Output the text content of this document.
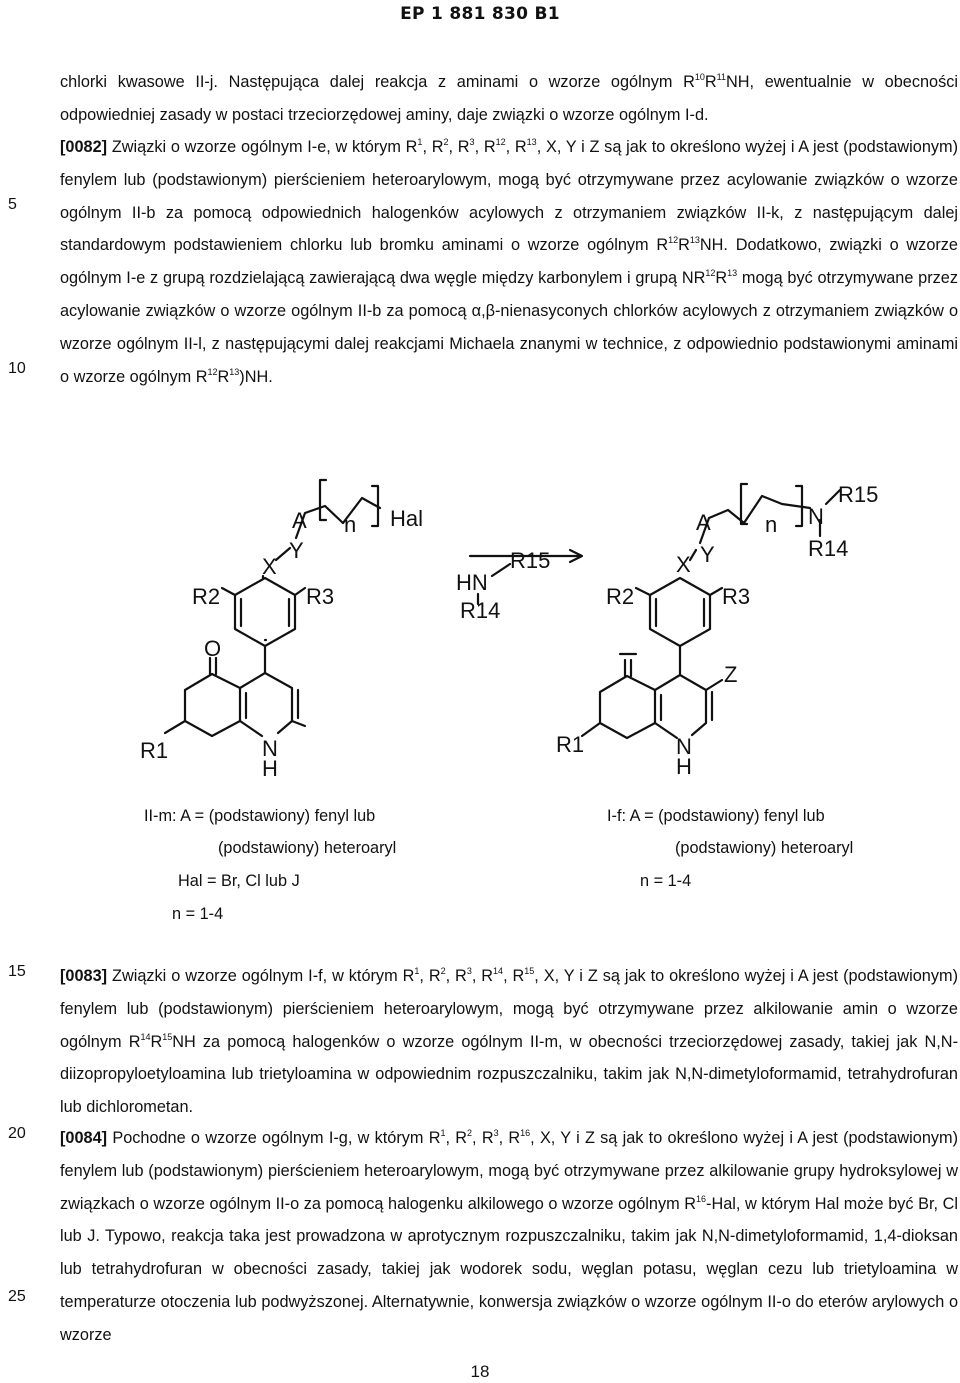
EP 1 881 830 B1
5
10
15
20
25

chlorki kwasowe II-j. Następująca dalej reakcja z aminami o wzorze ogólnym $R^{10}R^{11}NH$, ewentualnie w obecności odpowiedniej zasady w postaci trzeciorzędowej aminy, daje związki o wzorze ogólnym I-d.

[0082] Związki o wzorze ogólnym I-e, w którym $R^1$, $R^2$, $R^3$, $R^{12}$, $R^{13}$, X, Y i Z są jak to określono wyżej i A jest (podstawionym) fenylem lub (podstawionym) pierścieniem heteroarylowym, mogą być otrzymywane przez acylowanie związków o wzorze ogólnym II-b za pomocą odpowiednich halogenków acylowych z otrzymaniem związków II-k, z następującym dalej standardowym podstawieniem chlorku lub bromku aminami o wzorze ogólnym $R^{12}R^{13}NH$. Dodatkowo, związki o wzorze ogólnym I-e z grupą rozdzielającą zawierającą dwa węgle między karbonylem i grupą $NR^{12}R^{13}$ mogą być otrzymywane przez acylowanie związków o wzorze ogólnym II-b za pomocą α,β-nienasyconych chlorków acylowych z otrzymaniem związków o wzorze ogólnym II-l, z następującymi dalej reakcjami Michaela znanymi w technice, z odpowiednio podstawionymi aminami o wzorze ogólnym $R^{12}R^{13})NH$.

A n Hal
Y
X
R2	R3
O
R1	N
H
R15
HN
R14
A n N
R15
R14
Y
X
R2	R3
Z
R1	N
H
II-m: A = (podstawiony) fenyl lub
(podstawiony) heteroaryl
Hal = Br, Cl lub J
n = 1-4
I-f: A = (podstawiony) fenyl lub
(podstawiony) heteroaryl
n = 1-4

[0083] Związki o wzorze ogólnym I-f, w którym $R^1$, $R^2$, $R^3$, $R^{14}$, $R^{15}$, X, Y i Z są jak to określono wyżej i A jest (podstawionym) fenylem lub (podstawionym) pierścieniem heteroarylowym, mogą być otrzymywane przez alkilowanie amin o wzorze ogólnym $R^{14}R^{15}NH$ za pomocą halogenków o wzorze ogólnym II-m, w obecności trzeciorzędowej zasady, takiej jak N,N-diizopropyloetyloamina lub trietyloamina w odpowiednim rozpuszczalniku, takim jak N,N-dimetyloformamid, tetrahydrofuran lub dichlorometan.

[0084] Pochodne o wzorze ogólnym I-g, w którym $R^1$, $R^2$, $R^3$, $R^{16}$, X, Y i Z są jak to określono wyżej i A jest (podstawionym) fenylem lub (podstawionym) pierścieniem heteroarylowym, mogą być otrzymywane przez alkilowanie grupy hydroksylowej w związkach o wzorze ogólnym II-o za pomocą halogenku alkilowego o wzorze ogólnym $R^{16}$-Hal, w którym Hal może być Br, Cl lub J. Typowo, reakcja taka jest prowadzona w aprotycznym rozpuszczalniku, takim jak N,N-dimetyloformamid, 1,4-dioksan lub tetrahydrofuran w obecności zasady, takiej jak wodorek sodu, węglan potasu, węglan cezu lub trietyloamina w temperaturze otoczenia lub podwyższonej. Alternatywnie, konwersja związków o wzorze ogólnym II-o do eterów arylowych o wzorze

18
